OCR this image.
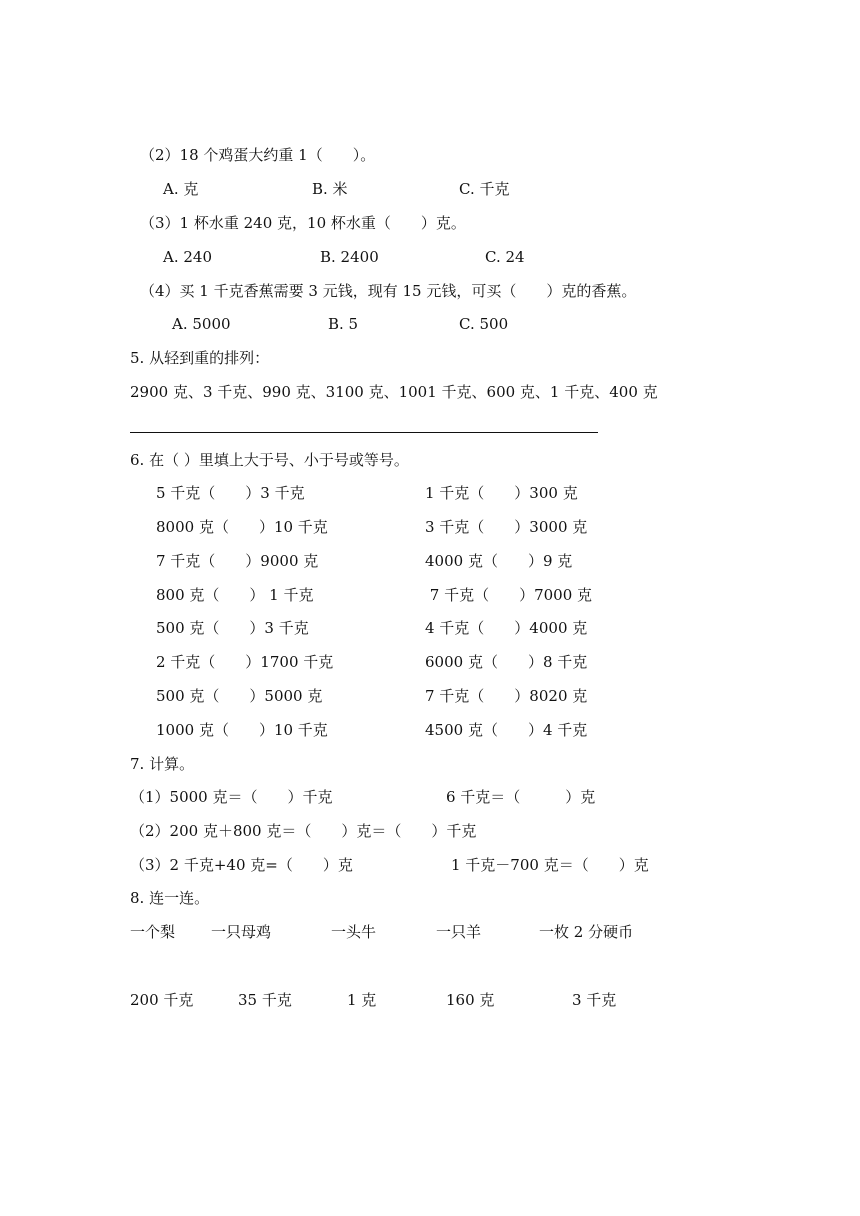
（2）18 个鸡蛋大约重 1（　　）。
A. 克	B. 米	C. 千克
（3）1 杯水重 240 克，10 杯水重（　　）克。
A. 240	B. 2400	C. 24
（4）买 1 千克香蕉需要 3 元钱，现有 15 元钱，可买（　　）克的香蕉。
A. 5000	B. 5	C. 500
5. 从轻到重的排列：
2900 克、3 千克、990 克、3100 克、1001 千克、600 克、1 千克、400 克
6. 在（ ）里填上大于号、小于号或等号。
5 千克（　　）3 千克	1 千克（　　）300 克
8000 克（　　）10 千克	3 千克（　　）3000 克
7 千克（　　）9000 克	4000 克（　　）9 克
800 克（　　） 1 千克	7 千克（　　）7000 克
500 克（　　）3 千克	4 千克（　　）4000 克
2 千克（　　）1700 千克	6000 克（　　）8 千克
500 克（　　）5000 克	7 千克（　　）8020 克
1000 克（　　）10 千克	4500 克（　　）4 千克
7. 计算。
（1）5000 克＝（　　）千克	6 千克＝（　　　）克
（2）200 克＋800 克＝（　　）克＝（　　）千克
（3）2 千克+40 克=（　　）克	1 千克－700 克＝（　　）克
8. 连一连。
一个梨 一只母鸡	一头牛	一只羊	一枚 2 分硬币
200 千克	35 千克	1 克	160 克	3 千克
